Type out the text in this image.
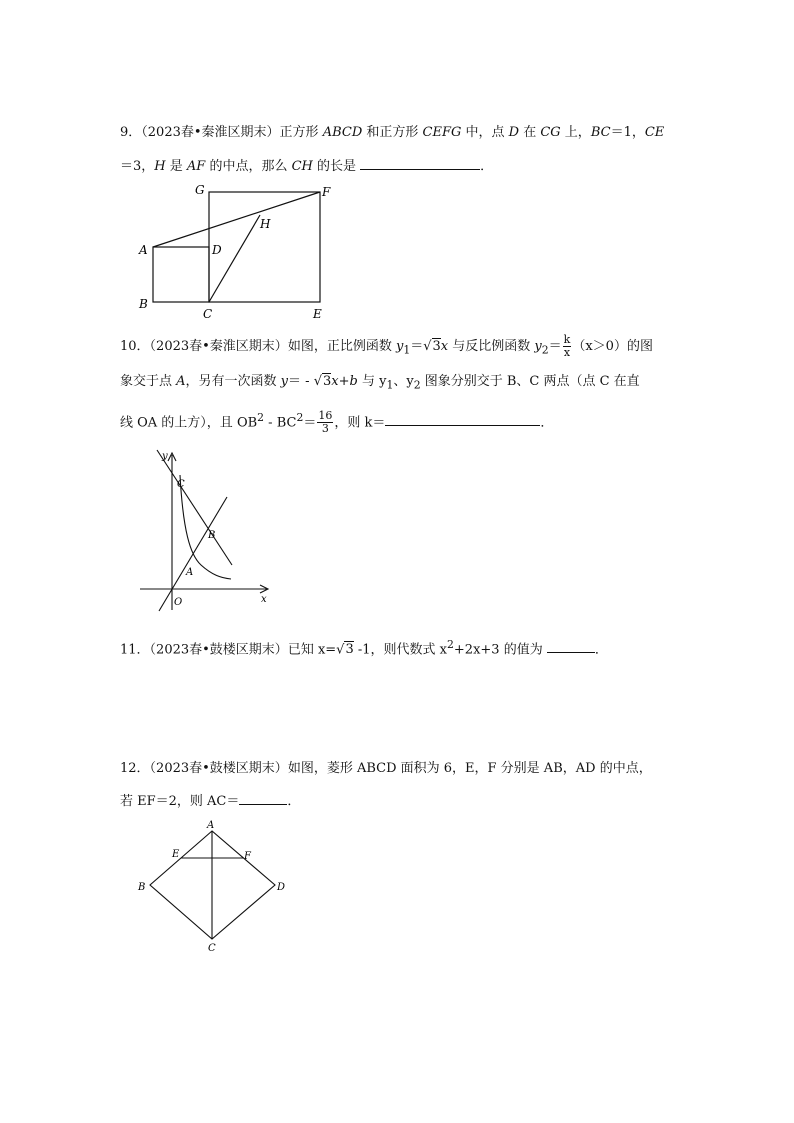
9．（2023春•秦淮区期末）正方形 ABCD 和正方形 CEFG 中，点 D 在 CG 上，BC＝1，CE
＝3，H 是 AF 的中点，那么 CH 的长是	．
G	F
H
A	D
B
C	E
10．（2023春•秦淮区期末）如图，正比例函数 $y_1=√3x$ 与反比例函数 $y_2= \frac{k}{x} (x>0)$的图
象交于点 A，另有一次函数 y＝ - √3x+b 与 $y_1$、$y_2$ 图象分别交于 B、C 两点（点 C 在直
线 OA 的上方），且 $OB^2 - BC^2= \frac{16}{3}$ ，则 k＝	．
y
x
O
A
B
C
11．（2023春•鼓楼区期末）已知 x=√3 -1，则代数式 $x^2+2x+3$ 的值为	．
12．（2023春•鼓楼区期末）如图，菱形 ABCD 面积为 6，E，F 分别是 AB，AD 的中点，
若 EF＝2，则 AC＝	．
A
E	F
B	D
C
